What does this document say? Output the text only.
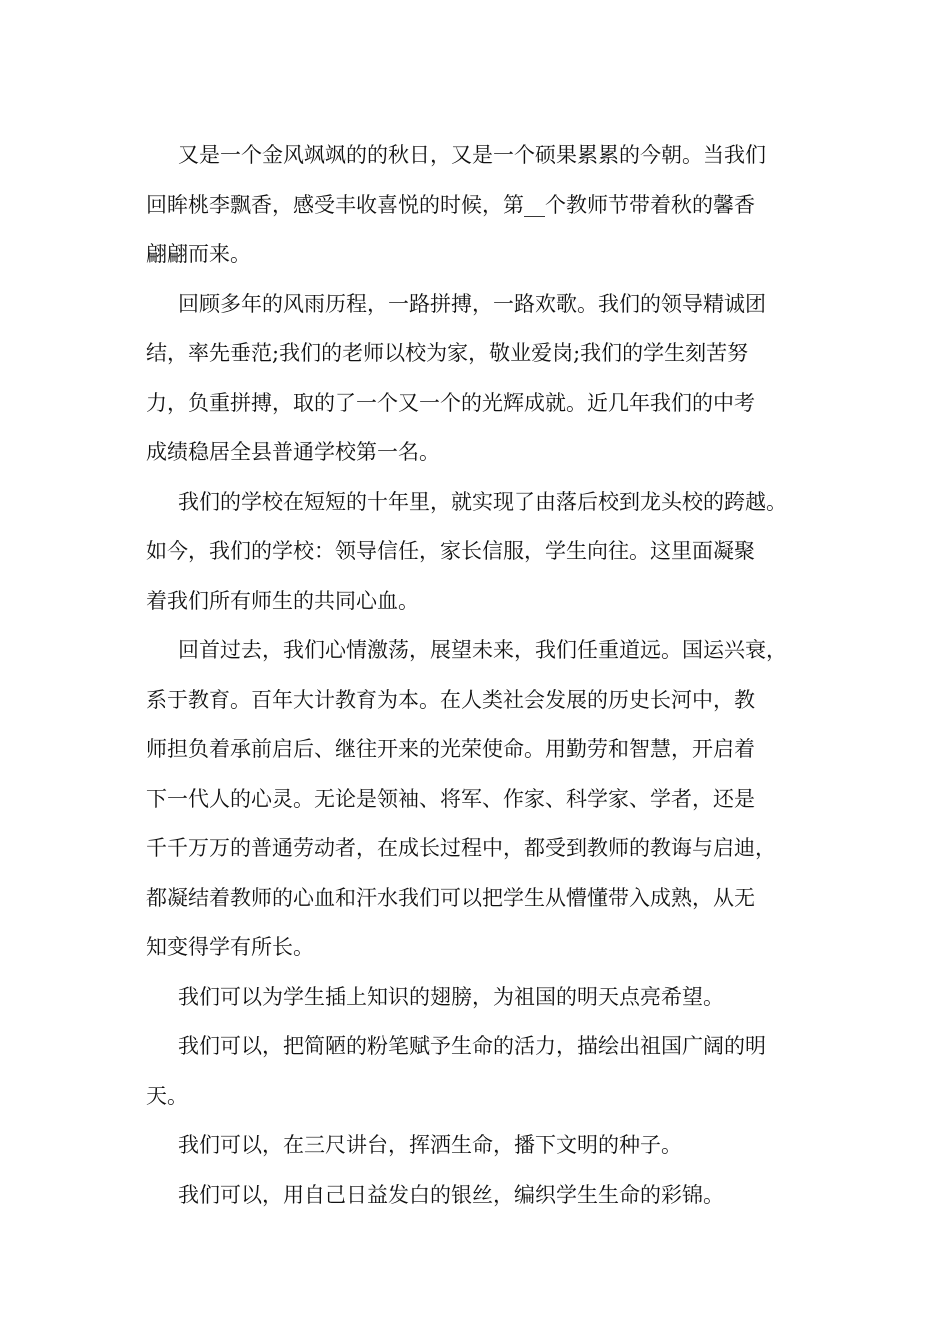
又是一个金风飒飒的的秋日，又是一个硕果累累的今朝。当我们
回眸桃李飘香，感受丰收喜悦的时候，第__个教师节带着秋的馨香
翩翩而来。

回顾多年的风雨历程，一路拼搏，一路欢歌。我们的领导精诚团
结，率先垂范;我们的老师以校为家，敬业爱岗;我们的学生刻苦努
力，负重拼搏，取的了一个又一个的光辉成就。近几年我们的中考
成绩稳居全县普通学校第一名。

我们的学校在短短的十年里，就实现了由落后校到龙头校的跨越。
如今，我们的学校：领导信任，家长信服，学生向往。这里面凝聚
着我们所有师生的共同心血。

回首过去，我们心情激荡，展望未来，我们任重道远。国运兴衰，
系于教育。百年大计教育为本。在人类社会发展的历史长河中，教
师担负着承前启后、继往开来的光荣使命。用勤劳和智慧，开启着
下一代人的心灵。无论是领袖、将军、作家、科学家、学者，还是
千千万万的普通劳动者，在成长过程中，都受到教师的教诲与启迪，
都凝结着教师的心血和汗水我们可以把学生从懵懂带入成熟，从无
知变得学有所长。

我们可以为学生插上知识的翅膀，为祖国的明天点亮希望。

我们可以，把简陋的粉笔赋予生命的活力，描绘出祖国广阔的明
天。

我们可以，在三尺讲台，挥洒生命，播下文明的种子。

我们可以，用自己日益发白的银丝，编织学生生命的彩锦。
